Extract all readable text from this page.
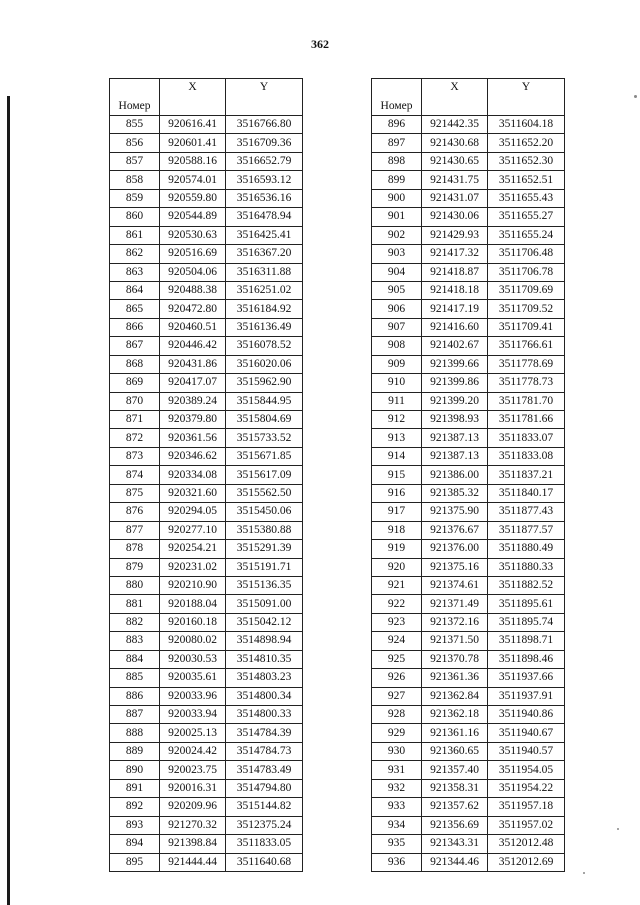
362
Номер	X	Y
855	920616.41	3516766.80
856	920601.41	3516709.36
857	920588.16	3516652.79
858	920574.01	3516593.12
859	920559.80	3516536.16
860	920544.89	3516478.94
861	920530.63	3516425.41
862	920516.69	3516367.20
863	920504.06	3516311.88
864	920488.38	3516251.02
865	920472.80	3516184.92
866	920460.51	3516136.49
867	920446.42	3516078.52
868	920431.86	3516020.06
869	920417.07	3515962.90
870	920389.24	3515844.95
871	920379.80	3515804.69
872	920361.56	3515733.52
873	920346.62	3515671.85
874	920334.08	3515617.09
875	920321.60	3515562.50
876	920294.05	3515450.06
877	920277.10	3515380.88
878	920254.21	3515291.39
879	920231.02	3515191.71
880	920210.90	3515136.35
881	920188.04	3515091.00
882	920160.18	3515042.12
883	920080.02	3514898.94
884	920030.53	3514810.35
885	920035.61	3514803.23
886	920033.96	3514800.34
887	920033.94	3514800.33
888	920025.13	3514784.39
889	920024.42	3514784.73
890	920023.75	3514783.49
891	920016.31	3514794.80
892	920209.96	3515144.82
893	921270.32	3512375.24
894	921398.84	3511833.05
895	921444.44	3511640.68
Номер	X	Y
896	921442.35	3511604.18
897	921430.68	3511652.20
898	921430.65	3511652.30
899	921431.75	3511652.51
900	921431.07	3511655.43
901	921430.06	3511655.27
902	921429.93	3511655.24
903	921417.32	3511706.48
904	921418.87	3511706.78
905	921418.18	3511709.69
906	921417.19	3511709.52
907	921416.60	3511709.41
908	921402.67	3511766.61
909	921399.66	3511778.69
910	921399.86	3511778.73
911	921399.20	3511781.70
912	921398.93	3511781.66
913	921387.13	3511833.07
914	921387.13	3511833.08
915	921386.00	3511837.21
916	921385.32	3511840.17
917	921375.90	3511877.43
918	921376.67	3511877.57
919	921376.00	3511880.49
920	921375.16	3511880.33
921	921374.61	3511882.52
922	921371.49	3511895.61
923	921372.16	3511895.74
924	921371.50	3511898.71
925	921370.78	3511898.46
926	921361.36	3511937.66
927	921362.84	3511937.91
928	921362.18	3511940.86
929	921361.16	3511940.67
930	921360.65	3511940.57
931	921357.40	3511954.05
932	921358.31	3511954.22
933	921357.62	3511957.18
934	921356.69	3511957.02
935	921343.31	3512012.48
936	921344.46	3512012.69
